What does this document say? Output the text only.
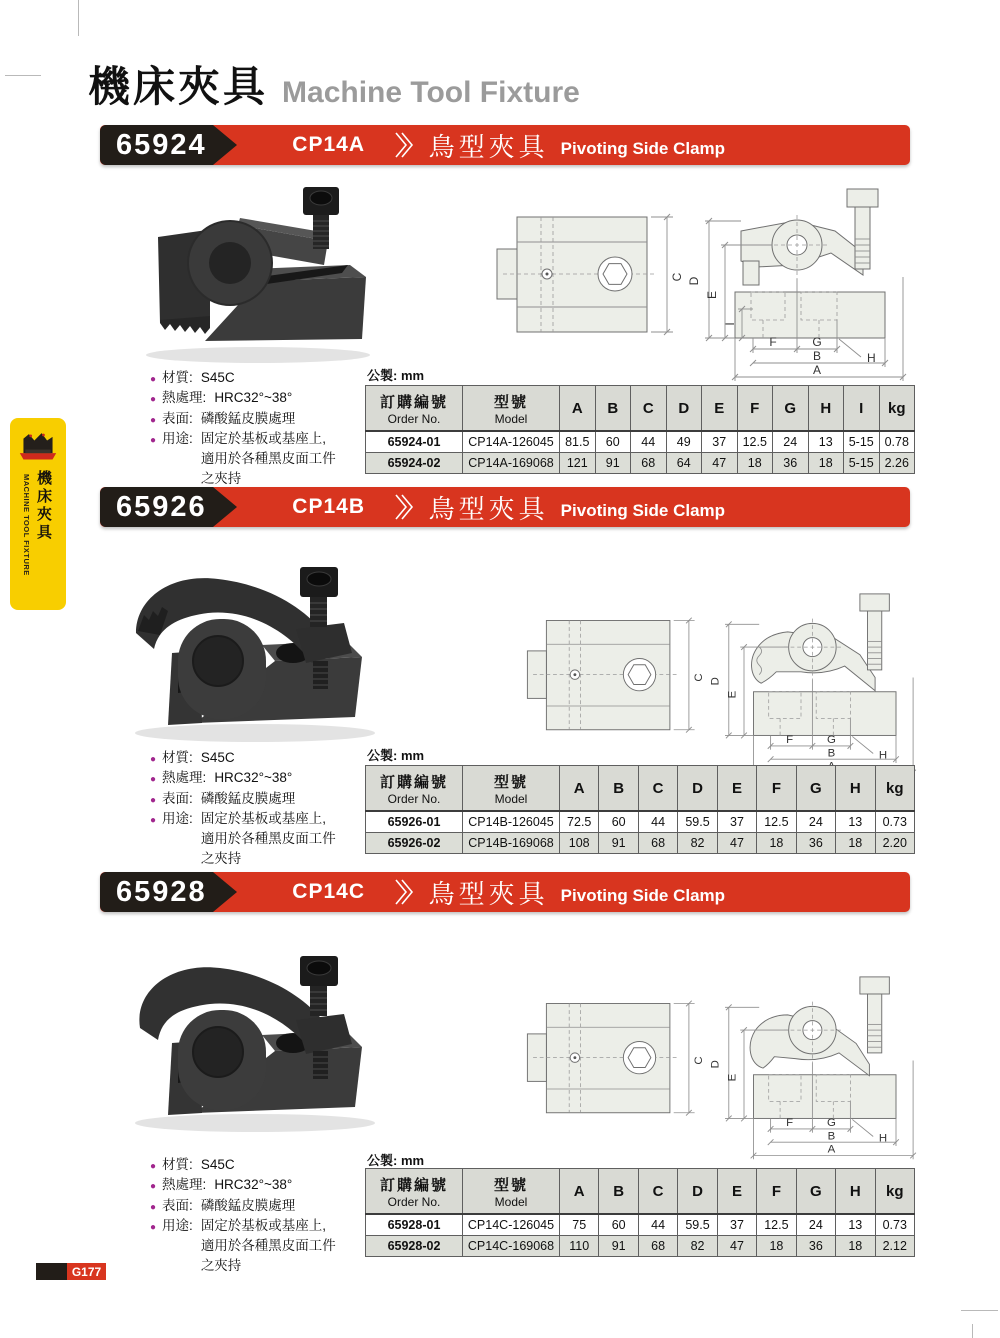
機床夾具 Machine Tool Fixture
65924	CP14A	鳥型夾具 Pivoting Side Clamp
C D
E
I
F	G
H
B
A
● 材質: S45C
● 熱處理: HRC32°~38°
● 表面: 磷酸錳皮膜處理
● 用途: 固定於基板或基座上,
適用於各種黑皮面工件
之夾持
公製: mm
訂購編號
Order No.

型號
Model
	A	B	C	D	E	F	G	H	I	kg
65924-01	CP14A-126045	81.5	60	44	49	37	12.5	24	13	5-15	0.78
65924-02	CP14A-169068	121	91	68	64	47	18	36	18	5-15	2.26
65926	CP14B	鳥型夾具 Pivoting Side Clamp
C D
E
F	G
H
B
● 材質: S45C
● 熱處理: HRC32°~38°
● 表面: 磷酸錳皮膜處理
● 用途: 固定於基板或基座上,
適用於各種黑皮面工件
之夾持
公製: mm
訂購編號
Order No.

型號
Model
	A	B	C	D	E	F	G	H	kg
65926-01	CP14B-126045	72.5	60	44	59.5	37	12.5	24	13	0.73
65926-02	CP14B-169068	108	91	68	82	47	18	36	18	2.20
65928	CP14C	鳥型夾具 Pivoting Side Clamp
C D
E
F	G
H
B
A
● 材質: S45C
● 熱處理: HRC32°~38°
● 表面: 磷酸錳皮膜處理
● 用途: 固定於基板或基座上,
適用於各種黑皮面工件
之夾持
公製: mm
訂購編號
Order No.

型號
Model
	A	B	C	D	E	F	G	H	kg
65928-01	CP14C-126045	75	60	44	59.5	37	12.5	24	13	0.73
65928-02	CP14C-169068	110	91	68	82	47	18	36	18	2.12
MACHINE TOOL FIXTURE 機床夾具
G177
